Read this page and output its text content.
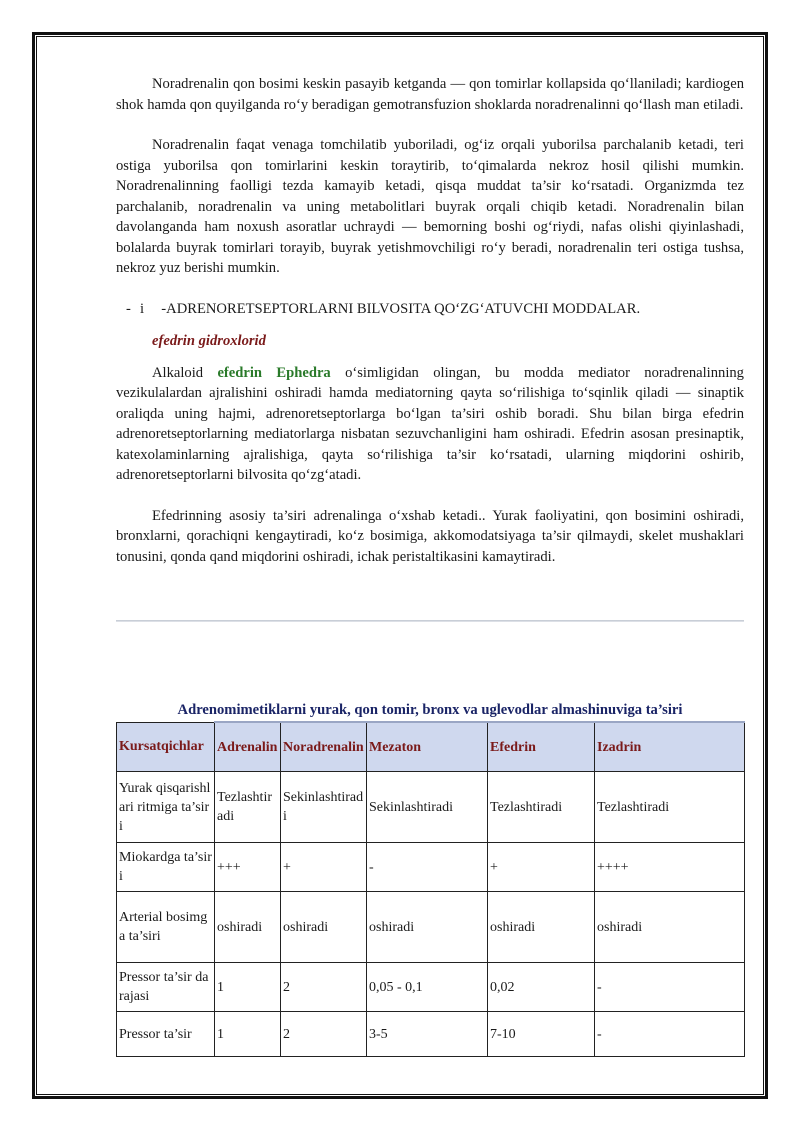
Noradrenalin qon bosimi keskin pasayib ketganda — qon tomirlar kollapsida qo‘llaniladi; kardiogen shok hamda qon quyilganda ro‘y beradigan gemotransfuzion shoklarda noradrenalinni qo‘llash man etiladi.

Noradrenalin faqat venaga tomchilatib yuboriladi, og‘iz orqali yuborilsa parchalanib ketadi, teri ostiga yuborilsa qon tomirlarini keskin toraytirib, to‘qimalarda nekroz hosil qilishi mumkin. Noradrenalinning faolligi tezda kamayib ketadi, qisqa muddat ta’sir ko‘rsatadi. Organizmda tez parchalanib, noradrenalin va uning metabolitlari buyrak orqali chiqib ketadi. Noradrenalin bilan davolanganda ham noxush asoratlar uchraydi — bemorning boshi og‘riydi, nafas olishi qiyinlashadi, bolalarda buyrak tomirlari torayib, buyrak yetishmovchiligi ro‘y beradi, noradrenalin teri ostiga tushsa, nekroz yuz berishi mumkin.

- i -ADRENORETSEPTORLARNI BILVOSITA QO‘ZG‘ATUVCHI MODDALAR.
efedrin gidroxlorid

Alkaloid efedrin Ephedra o‘simligidan olingan, bu modda mediator noradrenalinning vezikulalardan ajralishini oshiradi hamda mediatorning qayta so‘rilishiga to‘sqinlik qiladi — sinaptik oraliqda uning hajmi, adrenoretseptorlarga bo‘lgan ta’siri oshib boradi. Shu bilan birga efedrin adrenoretseptorlarning mediatorlarga nisbatan sezuvchanligini ham oshiradi. Efedrin asosan presinaptik, katexolaminlarning ajralishiga, qayta so‘rilishiga ta’sir ko‘rsatadi, ularning miqdorini oshirib, adrenoretseptorlarni bilvosita qo‘zg‘atadi.

Efedrinning asosiy ta’siri adrenalinga o‘xshab ketadi.. Yurak faoliyatini, qon bosimini oshiradi, bronxlarni, qorachiqni kengaytiradi, ko‘z bosimiga, akkomodatsiyaga ta’sir qilmaydi, skelet mushaklari tonusini, qonda qand miqdorini oshiradi, ichak peristaltikasini kamaytiradi.

Adrenomimetiklarni yurak, qon tomir, bronx va uglevodlar almashinuviga ta’siri
Kursatqichlar	Adrenalin	Noradrenalin	Mezaton	Efedrin	Izadrin
Yurak qisqarishlari ritmiga ta’siri	Tezlashtiradi	Sekinlashtiradi	Sekinlashtiradi	Tezlashtiradi	Tezlashtiradi
Miokardga ta’siri	+++	+	-	+	++++
Arterial bosimga ta’siri	oshiradi	oshiradi	oshiradi	oshiradi	oshiradi
Pressor ta’sir darajasi	1	2	0,05 - 0,1	0,02	-
Pressor ta’sir	1	2	3-5	7-10	-
